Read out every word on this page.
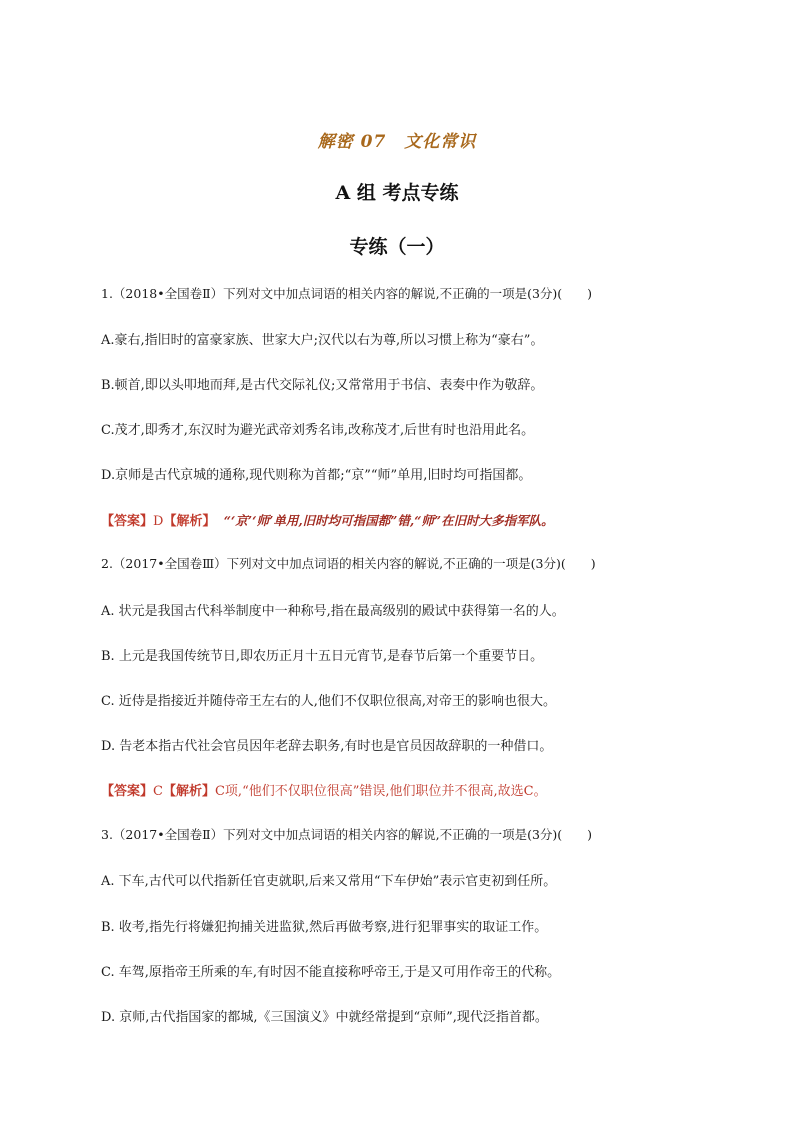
解密 07　文化常识
A 组 考点专练
专练（一）
1.（2018•全国卷Ⅱ）下列对文中加点词语的相关内容的解说,不正确的一项是(3分)(　　)
A.豪右,指旧时的富豪家族、世家大户;汉代以右为尊,所以习惯上称为“豪右”。
B.顿首,即以头叩地而拜,是古代交际礼仪;又常常用于书信、表奏中作为敬辞。
C.茂才,即秀才,东汉时为避光武帝刘秀名讳,改称茂才,后世有时也沿用此名。
D.京师是古代京城的通称,现代则称为首都;“京”“师”单用,旧时均可指国都。
【答案】D【解析】 “‘京’‘师’单用,旧时均可指国都”错,“师”在旧时大多指军队。
2.（2017•全国卷Ⅲ）下列对文中加点词语的相关内容的解说,不正确的一项是(3分)(　　)
A. 状元是我国古代科举制度中一种称号,指在最高级别的殿试中获得第一名的人。
B. 上元是我国传统节日,即农历正月十五日元宵节,是春节后第一个重要节日。
C. 近侍是指接近并随侍帝王左右的人,他们不仅职位很高,对帝王的影响也很大。
D. 告老本指古代社会官员因年老辞去职务,有时也是官员因故辞职的一种借口。
【答案】C【解析】C项,“他们不仅职位很高”错误,他们职位并不很高,故选C。
3.（2017•全国卷Ⅱ）下列对文中加点词语的相关内容的解说,不正确的一项是(3分)(　　)
A. 下车,古代可以代指新任官吏就职,后来又常用“下车伊始”表示官吏初到任所。
B. 收考,指先行将嫌犯拘捕关进监狱,然后再做考察,进行犯罪事实的取证工作。
C. 车驾,原指帝王所乘的车,有时因不能直接称呼帝王,于是又可用作帝王的代称。
D. 京师,古代指国家的都城,《三国演义》中就经常提到“京师”,现代泛指首都。
